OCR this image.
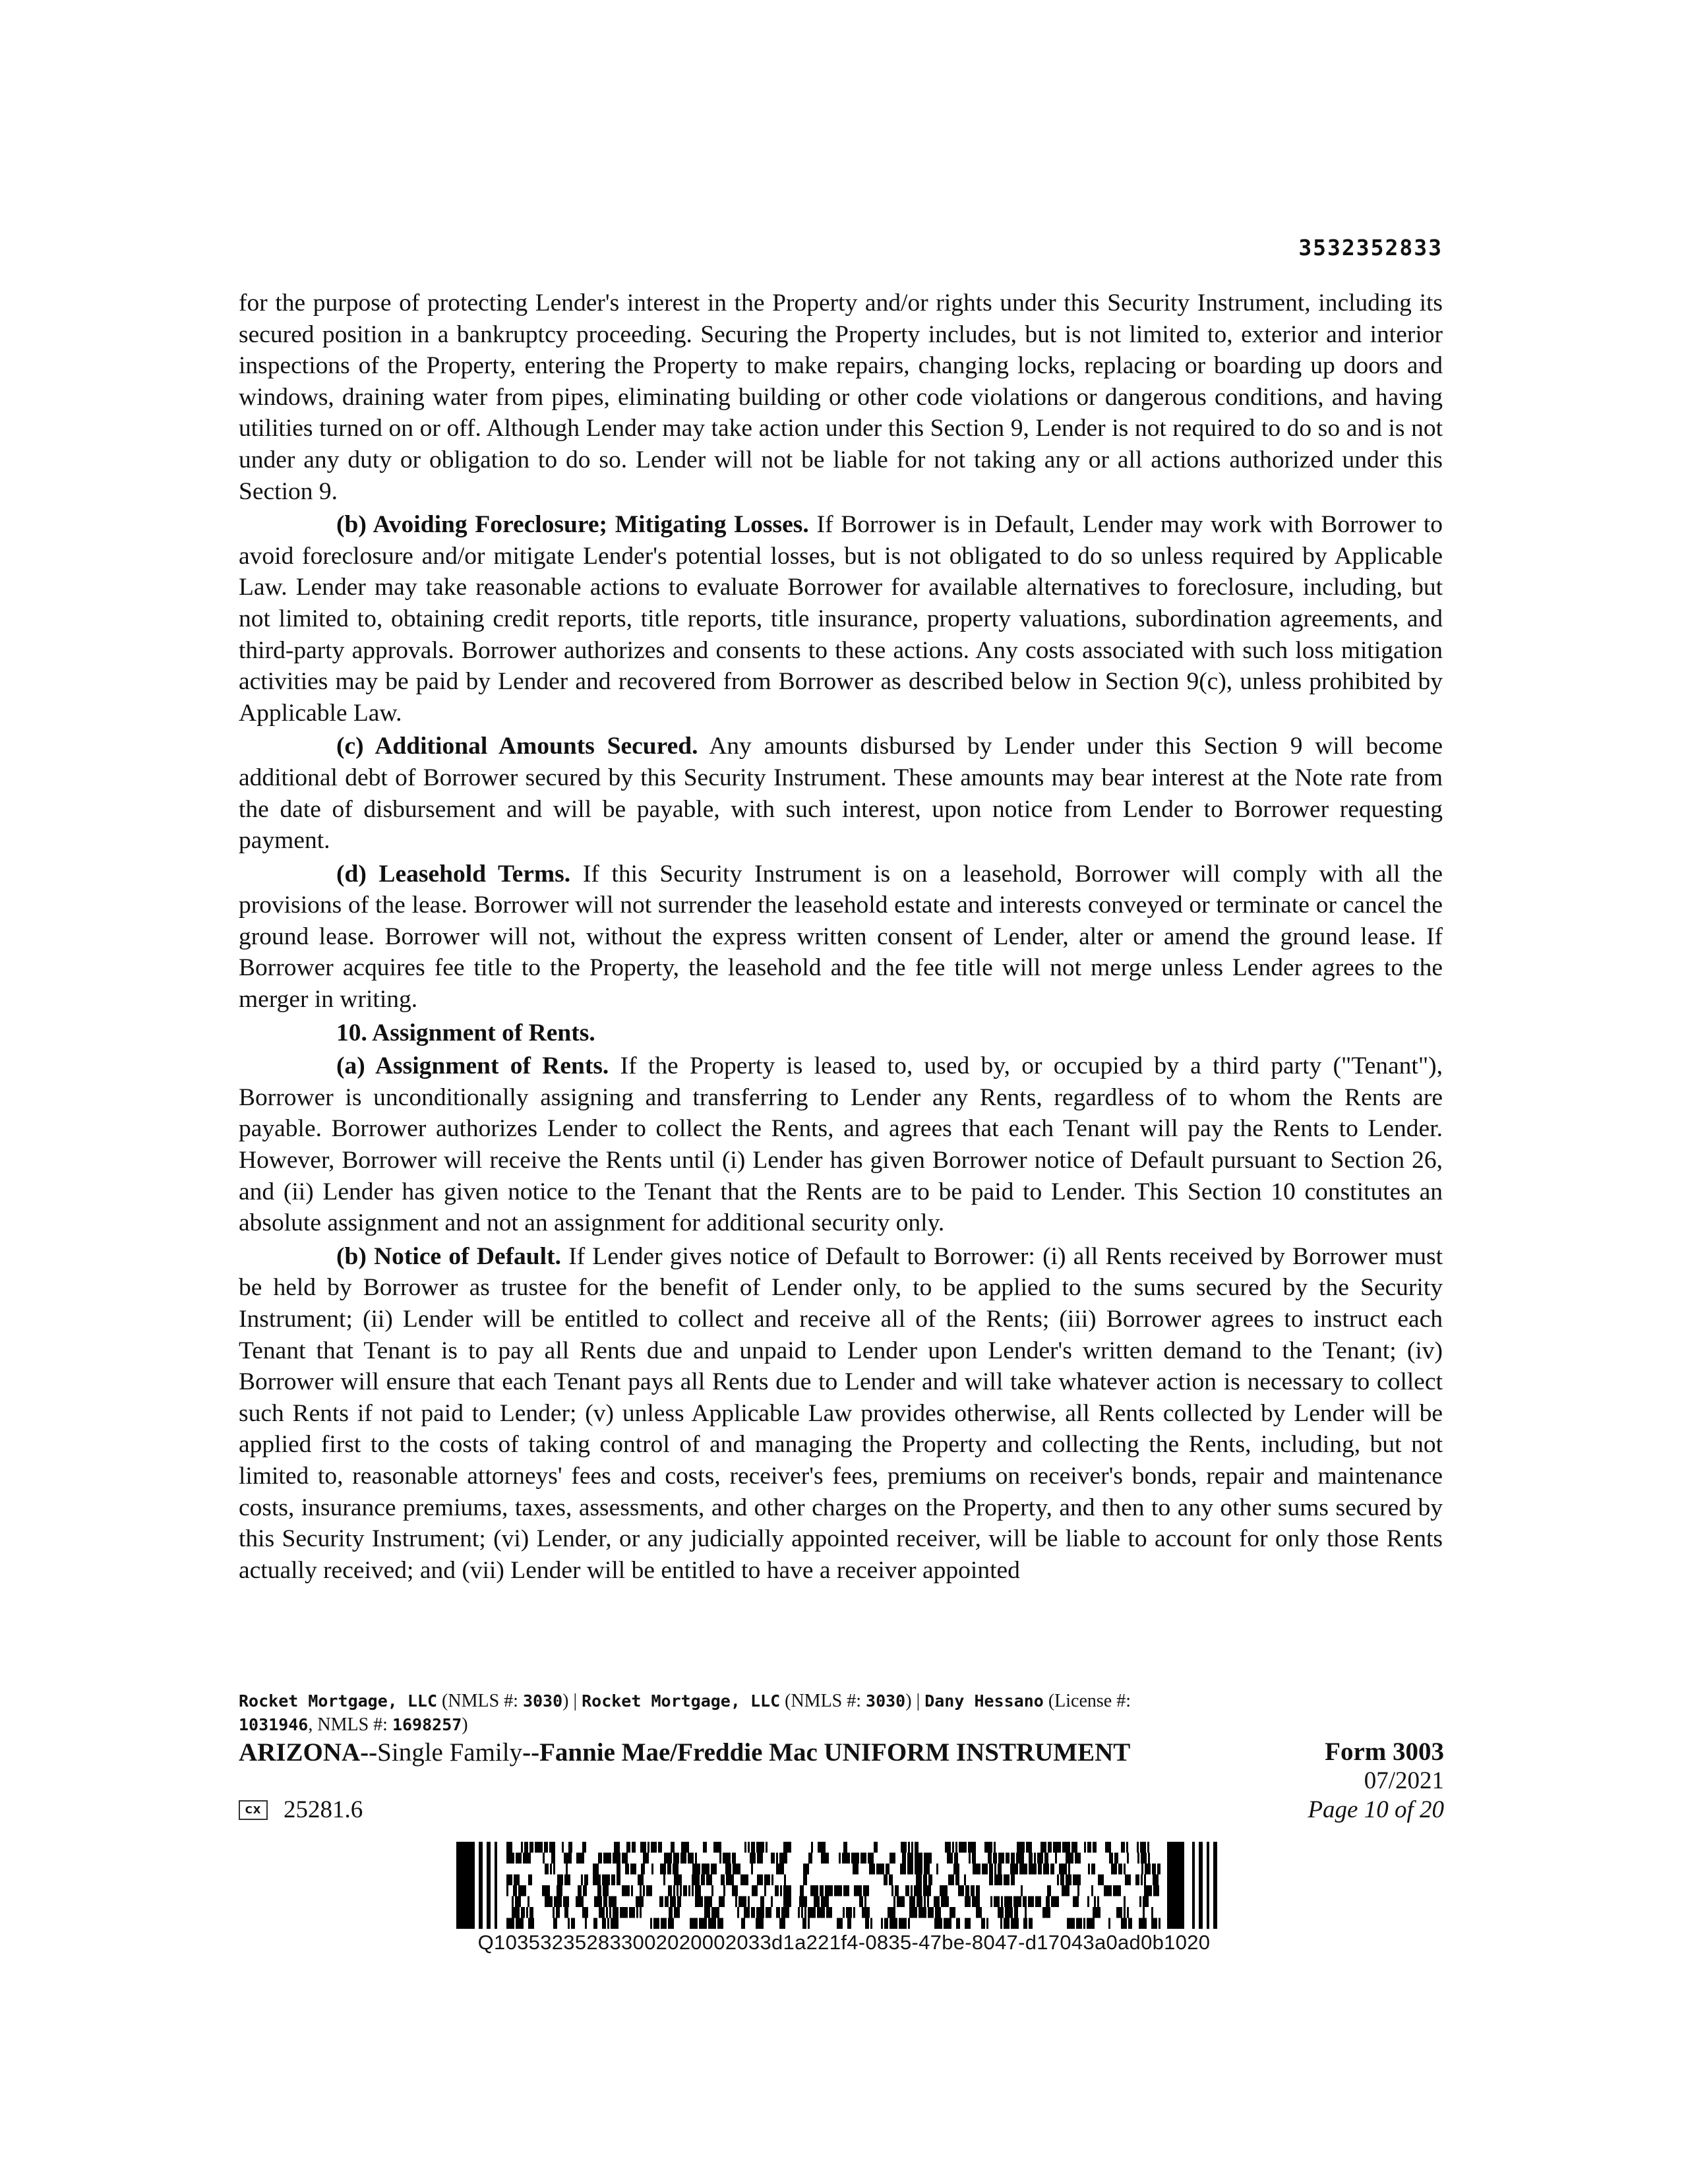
3532352833

for the purpose of protecting Lender's interest in the Property and/or rights under this Security Instrument, including its secured position in a bankruptcy proceeding. Securing the Property includes, but is not limited to, exterior and interior inspections of the Property, entering the Property to make repairs, changing locks, replacing or boarding up doors and windows, draining water from pipes, eliminating building or other code violations or dangerous conditions, and having utilities turned on or off. Although Lender may take action under this Section 9, Lender is not required to do so and is not under any duty or obligation to do so. Lender will not be liable for not taking any or all actions authorized under this Section 9.

(b) Avoiding Foreclosure; Mitigating Losses. If Borrower is in Default, Lender may work with Borrower to avoid foreclosure and/or mitigate Lender's potential losses, but is not obligated to do so unless required by Applicable Law. Lender may take reasonable actions to evaluate Borrower for available alternatives to foreclosure, including, but not limited to, obtaining credit reports, title reports, title insurance, property valuations, subordination agreements, and third-party approvals. Borrower authorizes and consents to these actions. Any costs associated with such loss mitigation activities may be paid by Lender and recovered from Borrower as described below in Section 9(c), unless prohibited by Applicable Law.

(c) Additional Amounts Secured. Any amounts disbursed by Lender under this Section 9 will become additional debt of Borrower secured by this Security Instrument. These amounts may bear interest at the Note rate from the date of disbursement and will be payable, with such interest, upon notice from Lender to Borrower requesting payment.

(d) Leasehold Terms. If this Security Instrument is on a leasehold, Borrower will comply with all the provisions of the lease. Borrower will not surrender the leasehold estate and interests conveyed or terminate or cancel the ground lease. Borrower will not, without the express written consent of Lender, alter or amend the ground lease. If Borrower acquires fee title to the Property, the leasehold and the fee title will not merge unless Lender agrees to the merger in writing.

10. Assignment of Rents.

(a) Assignment of Rents. If the Property is leased to, used by, or occupied by a third party ("Tenant"), Borrower is unconditionally assigning and transferring to Lender any Rents, regardless of to whom the Rents are payable. Borrower authorizes Lender to collect the Rents, and agrees that each Tenant will pay the Rents to Lender. However, Borrower will receive the Rents until (i) Lender has given Borrower notice of Default pursuant to Section 26, and (ii) Lender has given notice to the Tenant that the Rents are to be paid to Lender. This Section 10 constitutes an absolute assignment and not an assignment for additional security only.

(b) Notice of Default. If Lender gives notice of Default to Borrower: (i) all Rents received by Borrower must be held by Borrower as trustee for the benefit of Lender only, to be applied to the sums secured by the Security Instrument; (ii) Lender will be entitled to collect and receive all of the Rents; (iii) Borrower agrees to instruct each Tenant that Tenant is to pay all Rents due and unpaid to Lender upon Lender's written demand to the Tenant; (iv) Borrower will ensure that each Tenant pays all Rents due to Lender and will take whatever action is necessary to collect such Rents if not paid to Lender; (v) unless Applicable Law provides otherwise, all Rents collected by Lender will be applied first to the costs of taking control of and managing the Property and collecting the Rents, including, but not limited to, reasonable attorneys' fees and costs, receiver's fees, premiums on receiver's bonds, repair and maintenance costs, insurance premiums, taxes, assessments, and other charges on the Property, and then to any other sums secured by this Security Instrument; (vi) Lender, or any judicially appointed receiver, will be liable to account for only those Rents actually received; and (vii) Lender will be entitled to have a receiver appointed

Rocket Mortgage, LLC (NMLS #: 3030) | Rocket Mortgage, LLC (NMLS #: 3030) | Dany Hessano (License #:
1031946, NMLS #: 1698257)
ARIZONA--Single Family--Fannie Mae/Freddie Mac UNIFORM INSTRUMENT	Form 3003
07/2021
Page 10 of 20
CX 25281.6
Q103532352833002020002033d1a221f4-0835-47be-8047-d17043a0ad0b1020
